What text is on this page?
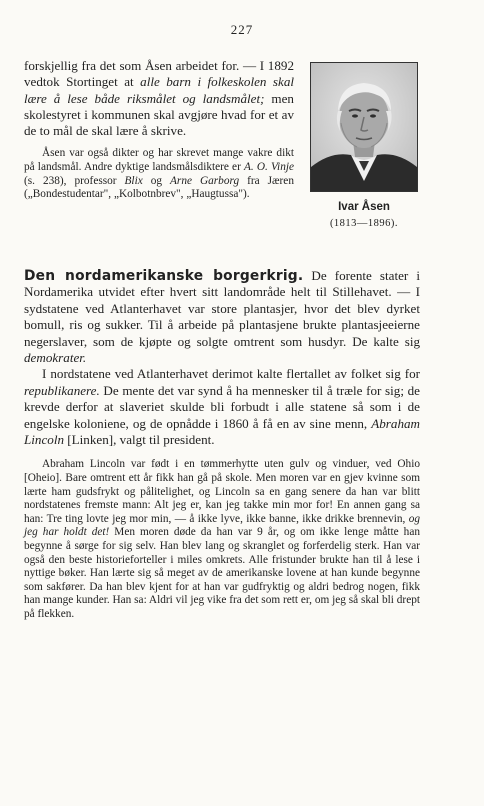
227

forskjellig fra det som Åsen arbeidet for. — I 1892 vedtok Stortinget at alle barn i folkeskolen skal lære å lese både riksmålet og landsmålet; men skolestyret i kommunen skal avgjøre hvad for et av de to mål de skal lære å skrive.

Åsen var også dikter og har skrevet mange vakre dikt på landsmål. Andre dyktige landsmålsdiktere er A. O. Vinje (s. 238), professor Blix og Arne Garborg fra Jæren („Bondestudentar", „Kolbotnbrev", „Haugtussa").

Ivar Åsen
(1813—1896).

Den nordamerikanske borgerkrig. De forente stater i Nordamerika utvidet efter hvert sitt landområde helt til Stillehavet. — I sydstatene ved Atlanterhavet var store plantasjer, hvor det blev dyrket bomull, ris og sukker. Til å arbeide på plantasjene brukte plantasjeeierne negerslaver, som de kjøpte og solgte omtrent som husdyr. De kalte sig demokrater.

I nordstatene ved Atlanterhavet derimot kalte flertallet av folket sig for republikanere. De mente det var synd å ha mennesker til å træle for sig; de krevde derfor at slaveriet skulde bli forbudt i alle statene så som i de engelske koloniene, og de opnådde i 1860 å få en av sine menn, Abraham Lincoln [Linken], valgt til president.

Abraham Lincoln var født i en tømmerhytte uten gulv og vinduer, ved Ohio [Oheio]. Bare omtrent ett år fikk han gå på skole. Men moren var en gjev kvinne som lærte ham gudsfrykt og pålitelighet, og Lincoln sa en gang senere da han var blitt nordstatenes fremste mann: Alt jeg er, kan jeg takke min mor for! En annen gang sa han: Tre ting lovte jeg mor min, — å ikke lyve, ikke banne, ikke drikke brennevin, og jeg har holdt det! Men moren døde da han var 9 år, og om ikke lenge måtte han begynne å sørge for sig selv. Han blev lang og skranglet og forferdelig sterk. Han var også den beste historieforteller i miles omkrets. Alle fristunder brukte han til å lese i nyttige bøker. Han lærte sig så meget av de amerikanske lovene at han kunde begynne som sakfører. Da han blev kjent for at han var gudfryktig og aldri bedrog nogen, fikk han mange kunder. Han sa: Aldri vil jeg vike fra det som rett er, om jeg så skal bli drept på flekken.
